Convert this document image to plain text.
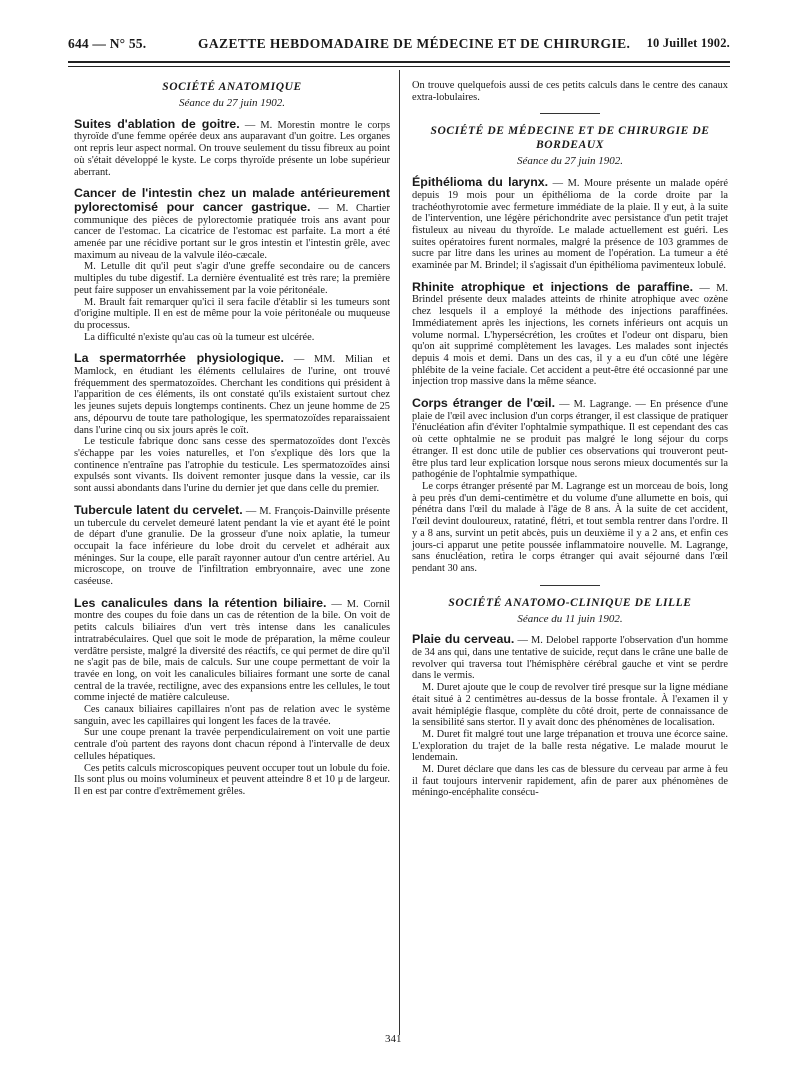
644 — N° 55.	GAZETTE HEBDOMADAIRE DE MÉDECINE ET DE CHIRURGIE. 10 Juillet 1902.
SOCIÉTÉ ANATOMIQUE
Séance du 27 juin 1902.

Suites d'ablation de goitre. — M. Morestin montre le corps thyroïde d'une femme opérée deux ans auparavant d'un goitre. Les organes ont repris leur aspect normal. On trouve seulement du tissu fibreux au point où s'était développé le kyste. Le corps thyroïde présente un lobe supérieur aberrant.

Cancer de l'intestin chez un malade antérieurement pylorectomisé pour cancer gastrique. — M. Chartier communique des pièces de pylorectomie pratiquée trois ans avant pour cancer de l'estomac. La cicatrice de l'estomac est parfaite. La mort a été amenée par une récidive portant sur le gros intestin et l'intestin grêle, avec maximum au niveau de la valvule iléo-cæcale.

M. Letulle dit qu'il peut s'agir d'une greffe secondaire ou de cancers multiples du tube digestif. La dernière éventualité est très rare; la première peut faire supposer un envahissement par la voie péritonéale.

M. Brault fait remarquer qu'ici il sera facile d'établir si les tumeurs sont d'origine multiple. Il en est de même pour la voie péritonéale ou muqueuse du processus.

La difficulté n'existe qu'au cas où la tumeur est ulcérée.

La spermatorrhée physiologique. — MM. Milian et Mamlock, en étudiant les éléments cellulaires de l'urine, ont trouvé fréquemment des spermatozoïdes. Cherchant les conditions qui président à l'apparition de ces éléments, ils ont constaté qu'ils existaient surtout chez les jeunes sujets depuis longtemps continents. Chez un jeune homme de 25 ans, dépourvu de toute tare pathologique, les spermatozoïdes reparaissaient dans l'urine cinq ou six jours après le coït.

Le testicule fabrique donc sans cesse des spermatozoïdes dont l'excès s'échappe par les voies naturelles, et l'on s'explique dès lors que la continence n'entraîne pas l'atrophie du testicule. Les spermatozoïdes ainsi expulsés sont vivants. Ils doivent remonter jusque dans la vessie, car ils sont aussi abondants dans l'urine du dernier jet que dans celle du premier.

Tubercule latent du cervelet. — M. François-Dainville présente un tubercule du cervelet demeuré latent pendant la vie et ayant été le point de départ d'une granulie. De la grosseur d'une noix aplatie, la tumeur occupait la face inférieure du lobe droit du cervelet et adhérait aux méninges. Sur la coupe, elle paraît rayonner autour d'un centre artériel. Au microscope, on trouve de l'infiltration embryonnaire, avec une zone caséeuse.

Les canalicules dans la rétention biliaire. — M. Cornil montre des coupes du foie dans un cas de rétention de la bile. On voit de petits calculs biliaires d'un vert très intense dans les canalicules intratrabéculaires. Quel que soit le mode de préparation, la même couleur verdâtre persiste, malgré la diversité des réactifs, ce qui permet de dire qu'il ne s'agit pas de bile, mais de calculs. Sur une coupe permettant de voir la travée en long, on voit les canalicules biliaires formant une sorte de canal central de la travée, rectiligne, avec des expansions entre les cellules, le tout comme injecté de matière calculeuse.

Ces canaux biliaires capillaires n'ont pas de relation avec le système sanguin, avec les capillaires qui longent les faces de la travée.

Sur une coupe prenant la travée perpendiculairement on voit une partie centrale d'où partent des rayons dont chacun répond à l'intervalle de deux cellules hépatiques.

Ces petits calculs microscopiques peuvent occuper tout un lobule du foie. Ils sont plus ou moins volumineux et peuvent atteindre 8 et 10 μ de largeur. Il en est par contre d'extrêmement grêles.

On trouve quelquefois aussi de ces petits calculs dans le centre des canaux extra-lobulaires.
SOCIÉTÉ DE MÉDECINE ET DE CHIRURGIE DE BORDEAUX
Séance du 27 juin 1902.

Épithélioma du larynx. — M. Moure présente un malade opéré depuis 19 mois pour un épithélioma de la corde droite par la trachéothyrotomie avec fermeture immédiate de la plaie. Il y eut, à la suite de l'intervention, une légère périchondrite avec persistance d'un petit trajet fistuleux au niveau du thyroïde. Le malade actuellement est guéri. Les suites opératoires furent normales, malgré la présence de 103 grammes de sucre par litre dans les urines au moment de l'opération. La tumeur a été examinée par M. Brindel; il s'agissait d'un épithélioma pavimenteux lobulé.

Rhinite atrophique et injections de paraffine. — M. Brindel présente deux malades atteints de rhinite atrophique avec ozène chez lesquels il a employé la méthode des injections paraffinées. Immédiatement après les injections, les cornets inférieurs ont acquis un volume normal. L'hypersécrétion, les croûtes et l'odeur ont disparu, bien qu'on ait supprimé complètement les lavages. Les malades sont injectés depuis 4 mois et demi. Dans un des cas, il y a eu d'un côté une légère phlébite de la veine faciale. Cet accident a peut-être été occasionné par une injection trop massive dans la même séance.

Corps étranger de l'œil. — M. Lagrange. — En présence d'une plaie de l'œil avec inclusion d'un corps étranger, il est classique de pratiquer l'énucléation afin d'éviter l'ophtalmie sympathique. Il est cependant des cas où cette ophtalmie ne se produit pas malgré le long séjour du corps étranger. Il est donc utile de publier ces observations qui trouveront peut-être plus tard leur explication lorsque nous serons mieux documentés sur la pathogénie de l'ophtalmie sympathique.

Le corps étranger présenté par M. Lagrange est un morceau de bois, long à peu près d'un demi-centimètre et du volume d'une allumette en bois, qui pénétra dans l'œil du malade à l'âge de 8 ans. À la suite de cet accident, l'œil devint douloureux, ratatiné, flétri, et tout sembla rentrer dans l'ordre. Il y a 8 ans, survint un petit abcès, puis un deuxième il y a 2 ans, et enfin ces jours-ci apparut une petite poussée inflammatoire nouvelle. M. Lagrange, sans énucléation, retira le corps étranger qui avait séjourné dans l'œil pendant 30 ans.

SOCIÉTÉ ANATOMO-CLINIQUE DE LILLE
Séance du 11 juin 1902.

Plaie du cerveau. — M. Delobel rapporte l'observation d'un homme de 34 ans qui, dans une tentative de suicide, reçut dans le crâne une balle de revolver qui traversa tout l'hémisphère cérébral gauche et vint se perdre dans le vermis.

M. Duret ajoute que le coup de revolver tiré presque sur la ligne médiane était situé à 2 centimètres au-dessus de la bosse frontale. À l'examen il y avait hémiplégie flasque, complète du côté droit, perte de connaissance de la sensibilité sans stertor. Il y avait donc des phénomènes de localisation.

M. Duret fit malgré tout une large trépanation et trouva une écorce saine. L'exploration du trajet de la balle resta négative. Le malade mourut le lendemain.

M. Duret déclare que dans les cas de blessure du cerveau par arme à feu il faut toujours intervenir rapidement, afin de parer aux phénomènes de méningo-encéphalite consécu-

341
